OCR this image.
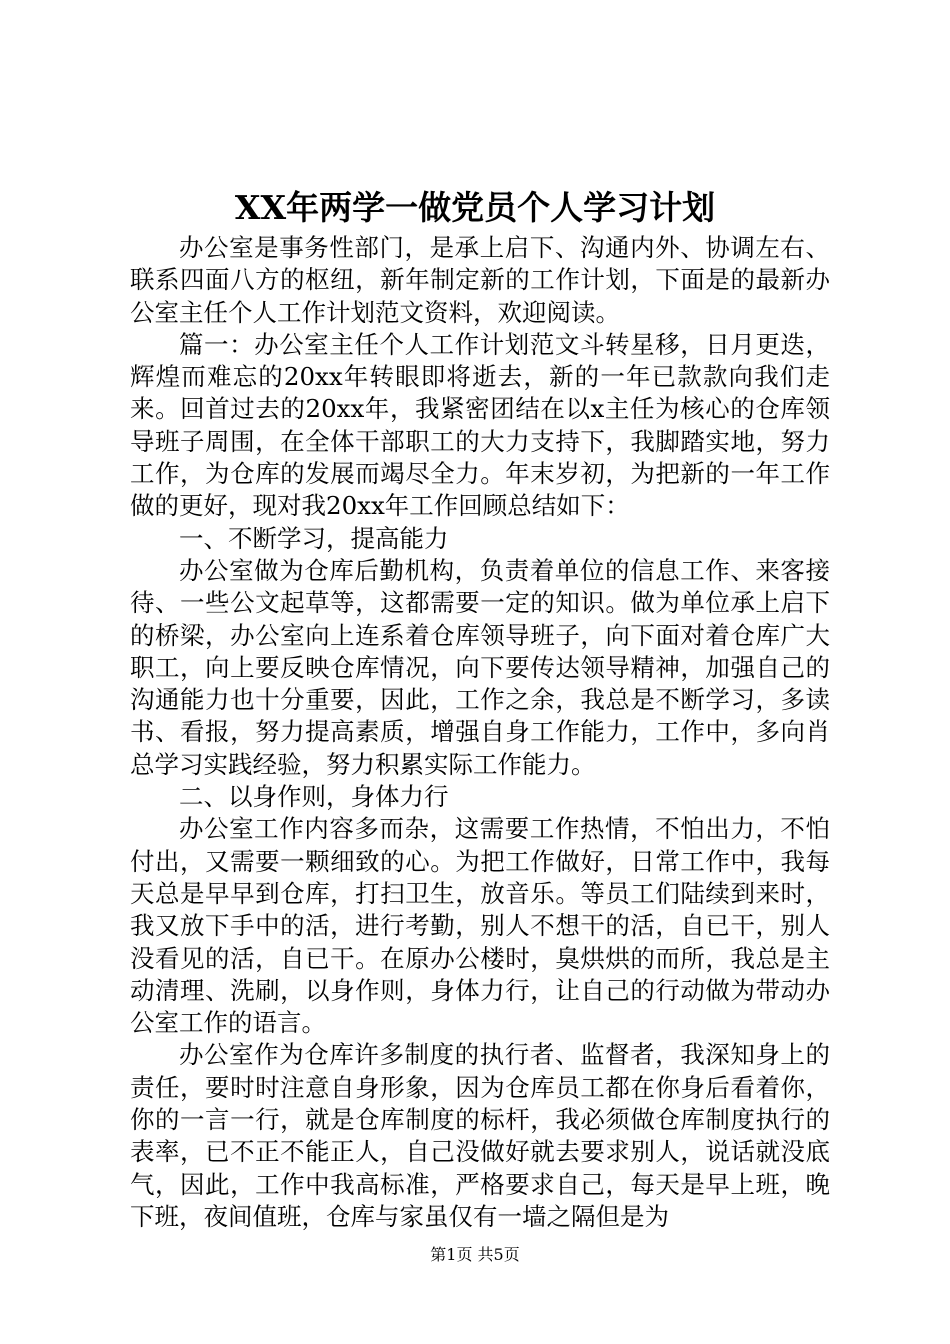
XX年两学一做党员个人学习计划

办公室是事务性部门，是承上启下、沟通内外、协调左右、联系四面八方的枢纽，新年制定新的工作计划，下面是的最新办公室主任个人工作计划范文资料，欢迎阅读。

篇一：办公室主任个人工作计划范文斗转星移，日月更迭，辉煌而难忘的20xx年转眼即将逝去，新的一年已款款向我们走来。回首过去的20xx年，我紧密团结在以x主任为核心的仓库领导班子周围，在全体干部职工的大力支持下，我脚踏实地，努力工作，为仓库的发展而竭尽全力。年末岁初，为把新的一年工作做的更好，现对我20xx年工作回顾总结如下：

一、不断学习，提高能力

办公室做为仓库后勤机构，负责着单位的信息工作、来客接待、一些公文起草等，这都需要一定的知识。做为单位承上启下的桥梁，办公室向上连系着仓库领导班子，向下面对着仓库广大职工，向上要反映仓库情况，向下要传达领导精神，加强自己的沟通能力也十分重要，因此，工作之余，我总是不断学习，多读书、看报，努力提高素质，增强自身工作能力，工作中，多向肖总学习实践经验，努力积累实际工作能力。

二、以身作则，身体力行

办公室工作内容多而杂，这需要工作热情，不怕出力，不怕付出，又需要一颗细致的心。为把工作做好，日常工作中，我每天总是早早到仓库，打扫卫生，放音乐。等员工们陆续到来时，我又放下手中的活，进行考勤，别人不想干的活，自已干，别人没看见的活，自已干。在原办公楼时，臭烘烘的而所，我总是主动清理、洗刷，以身作则，身体力行，让自己的行动做为带动办公室工作的语言。

办公室作为仓库许多制度的执行者、监督者，我深知身上的责任，要时时注意自身形象，因为仓库员工都在你身后看着你，你的一言一行，就是仓库制度的标杆，我必须做仓库制度执行的表率，已不正不能正人，自己没做好就去要求别人，说话就没底气，因此，工作中我高标准，严格要求自己，每天是早上班，晚下班，夜间值班，仓库与家虽仅有一墙之隔但是为

第1页 共5页
